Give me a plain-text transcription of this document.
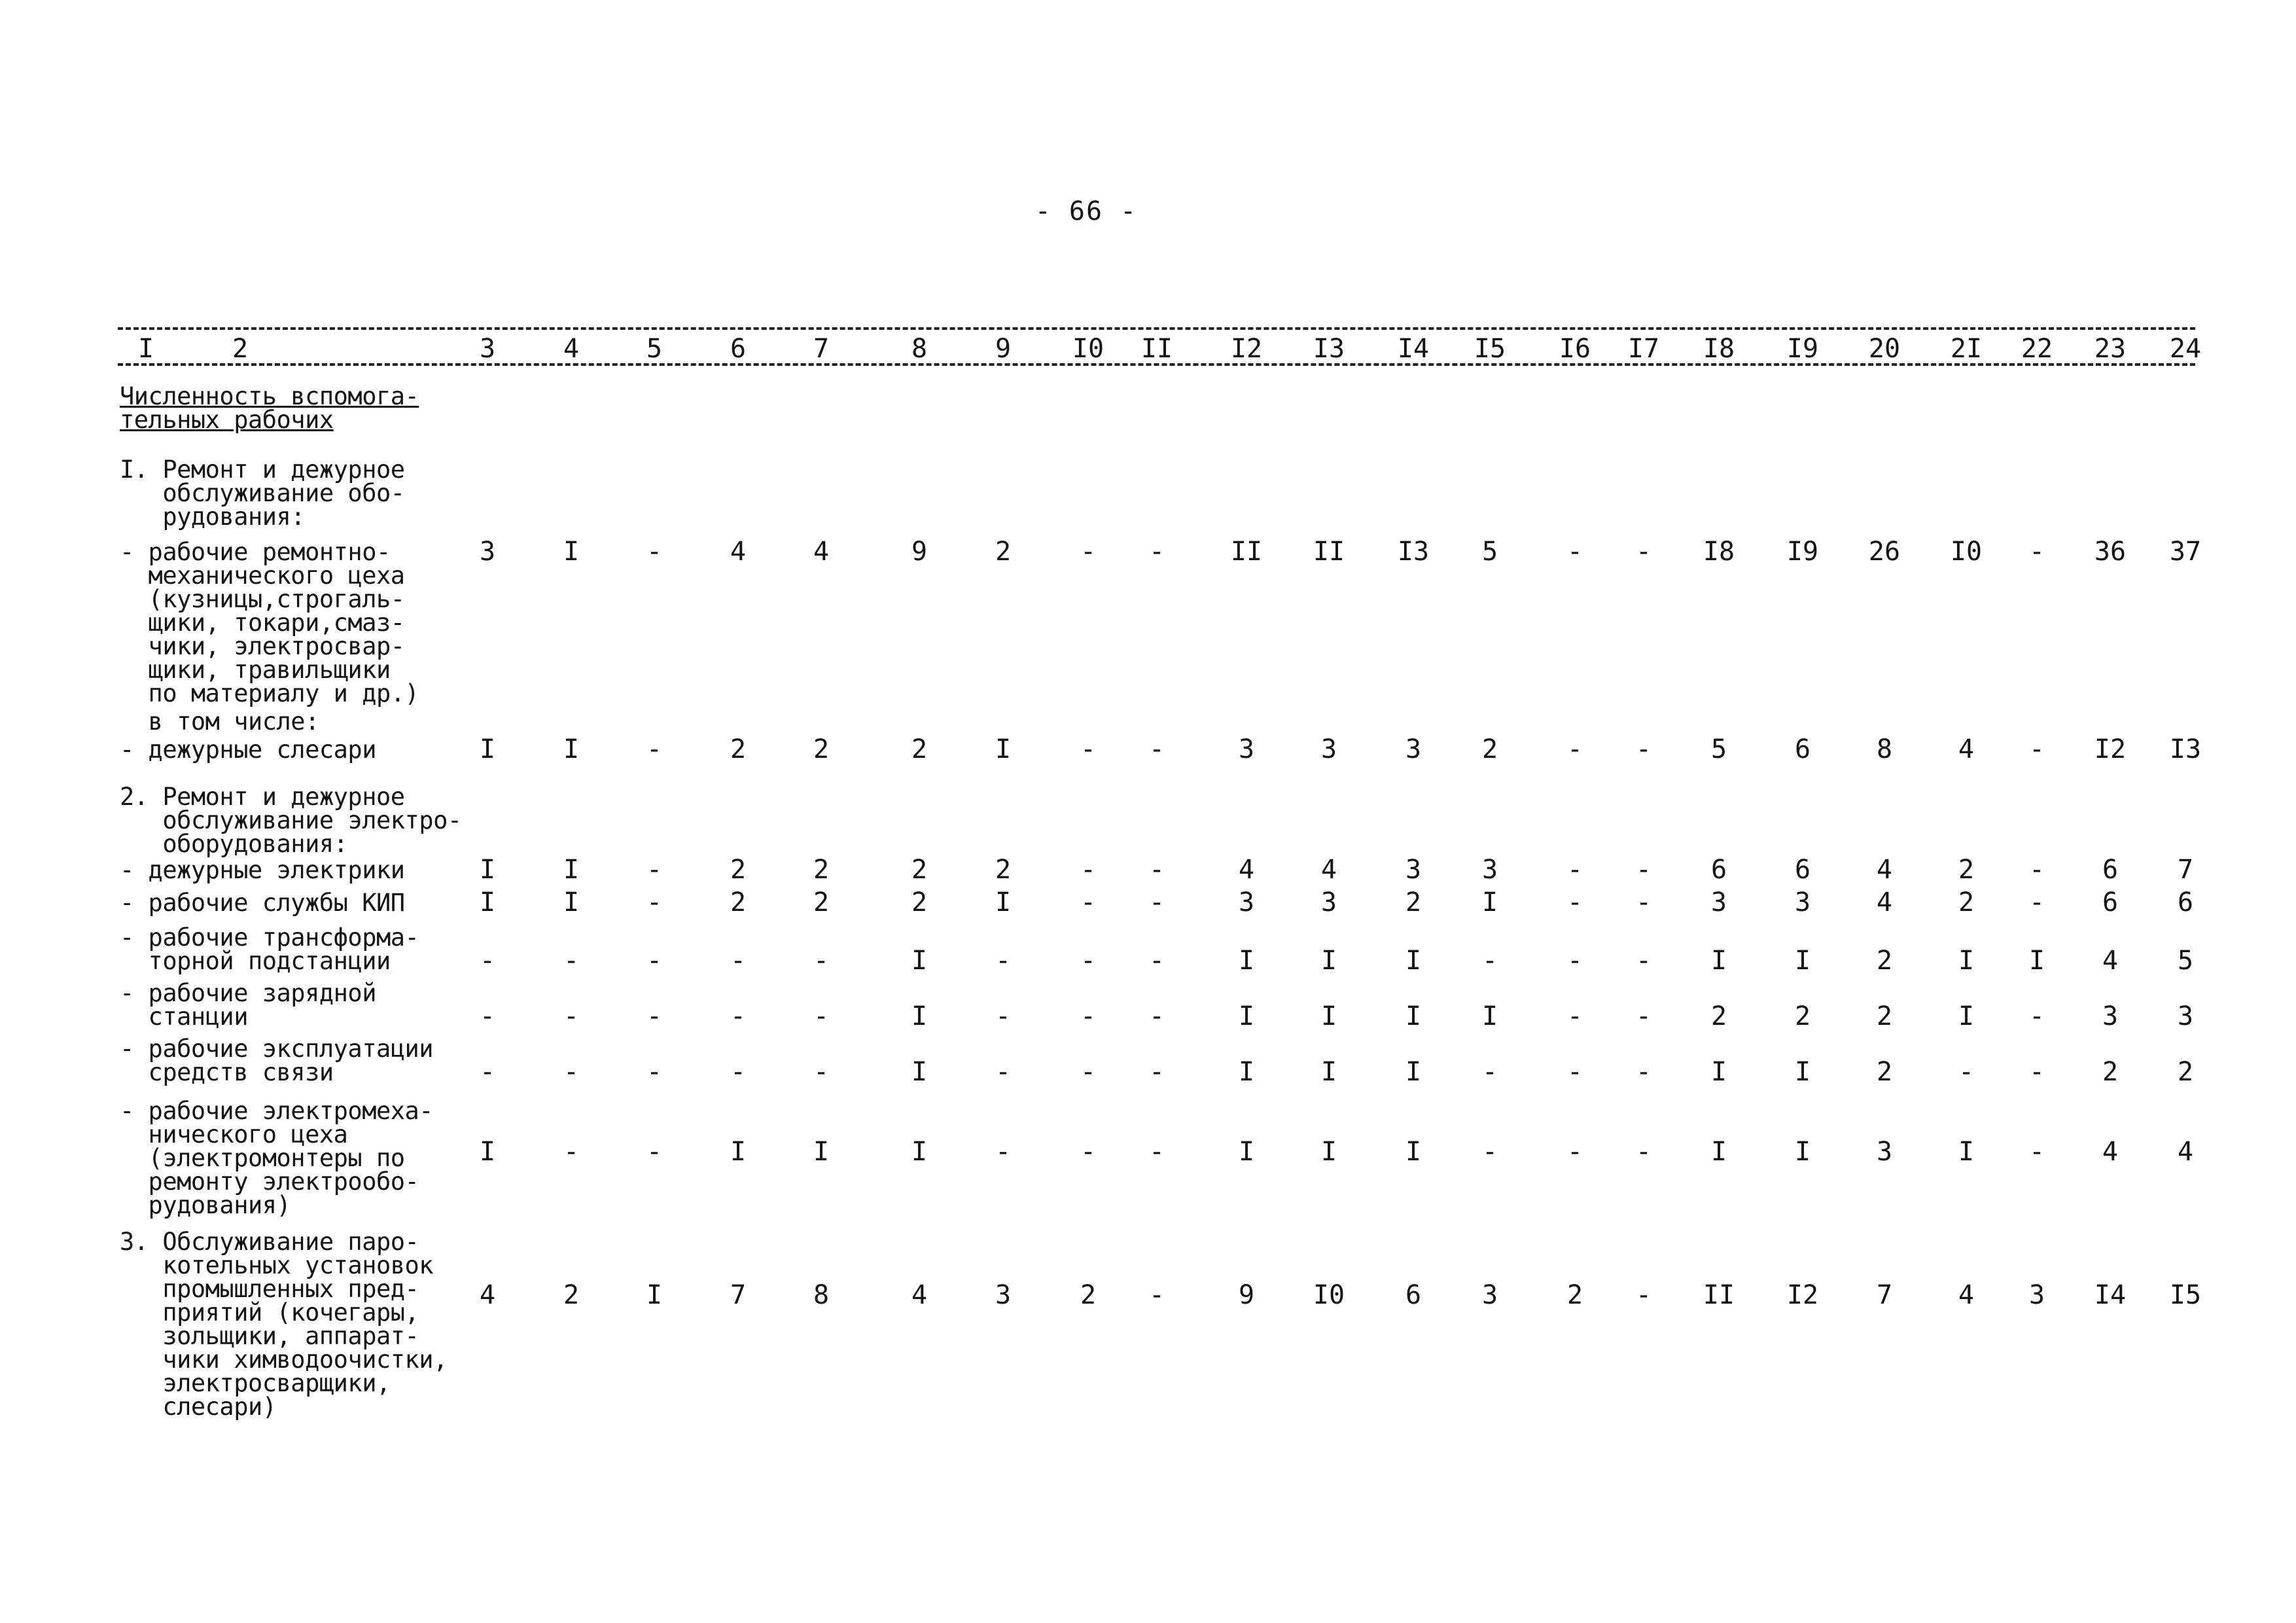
- 66 -
I	2	3	4	5	6	7	8	9	I0 II I2 I3 I4 I5 I6 I7 I8 I9 20 2I 22 23 24
Численность вспомога-
тельных рабочих
I. Ремонт и дежурное
обслуживание обо-
рудования:
- рабочие ремонтно-
механического цеха
(кузницы,строгаль-
щики, токари,смаз-
чики, электросвар-
щики, травильщики
по материалу и др.)
3	I	-	4	4	9	2	-	-	II II I3	5	-	-	I8 I9 26 I0	-	36 37
в том числе:
- дежурные слесари	I	I	-	2	2	2	I	-	-	3	3	3	2	-	-	5	6	8	4	-	I2 I3
2. Ремонт и дежурное
обслуживание электро-
оборудования:
- дежурные электрики	I	I	-	2	2	2	2	-	-	4	4	3	3	-	-	6	6	4	2	-	6	7
- рабочие службы КИП	I	I	-	2	2	2	I	-	-	3	3	2	I	-	-	3	3	4	2	-	6	6
- рабочие трансформа-
торной подстанции	-	-	-	-	-	I	-	-	-	I	I	I	-	-	-	I	I	2	I	I	4	5
- рабочие зарядной
станции	-	-	-	-	-	I	-	-	-	I	I	I	I	-	-	2	2	2	I	-	3	3
- рабочие эксплуатации
средств связи	-	-	-	-	-	I	-	-	-	I	I	I	-	-	-	I	I	2	-	-	2	2
- рабочие электромеха-
нического цеха
(электромонтеры по
ремонту электрообо-
рудования)
I	-	-	I	I	I	-	-	-	I	I	I	-	-	-	I	I	3	I	-	4	4
3. Обслуживание паро-
котельных установок
промышленных пред-
приятий (кочегары,
зольщики, аппарат-
чики химводоочистки,
электросварщики,
слесари)
4	2	I	7	8	4	3	2	-	9	I0	6	3	2	-	II I2	7	4	3	I4 I5
